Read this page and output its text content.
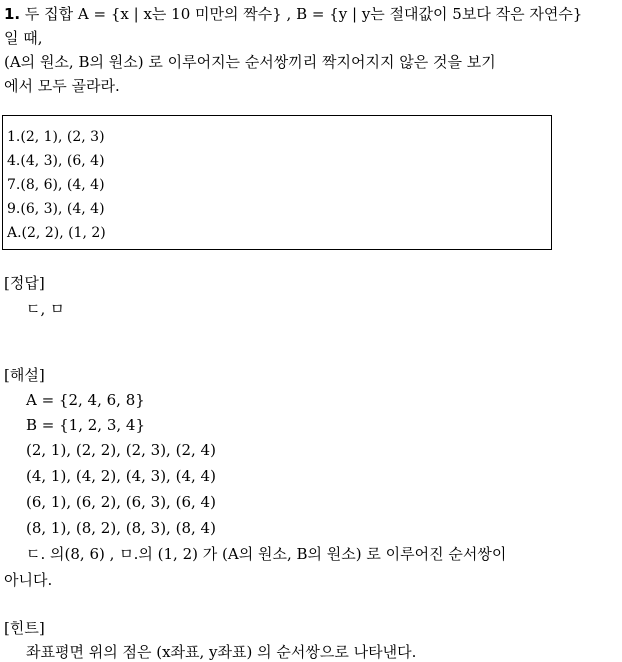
1. 두 집합 A = {x | x는 10 미만의 짝수} , B = {y | y는 절대값이 5보다 작은 자연수}
일 때,
(A의 원소, B의 원소) 로 이루어지는 순서쌍끼리 짝지어지지 않은 것을 보기
에서 모두 골라라.
1.(2, 1), (2, 3)
4.(4, 3), (6, 4)
7.(8, 6), (4, 4)
9.(6, 3), (4, 4)
A.(2, 2), (1, 2)
[정답]
ㄷ, ㅁ
[해설]
A = {2, 4, 6, 8}
B = {1, 2, 3, 4}
(2, 1), (2, 2), (2, 3), (2, 4)
(4, 1), (4, 2), (4, 3), (4, 4)
(6, 1), (6, 2), (6, 3), (6, 4)
(8, 1), (8, 2), (8, 3), (8, 4)
ㄷ. 의(8, 6) , ㅁ.의 (1, 2) 가 (A의 원소, B의 원소) 로 이루어진 순서쌍이
아니다.
[힌트]
좌표평면 위의 점은 (x좌표, y좌표) 의 순서쌍으로 나타낸다.
